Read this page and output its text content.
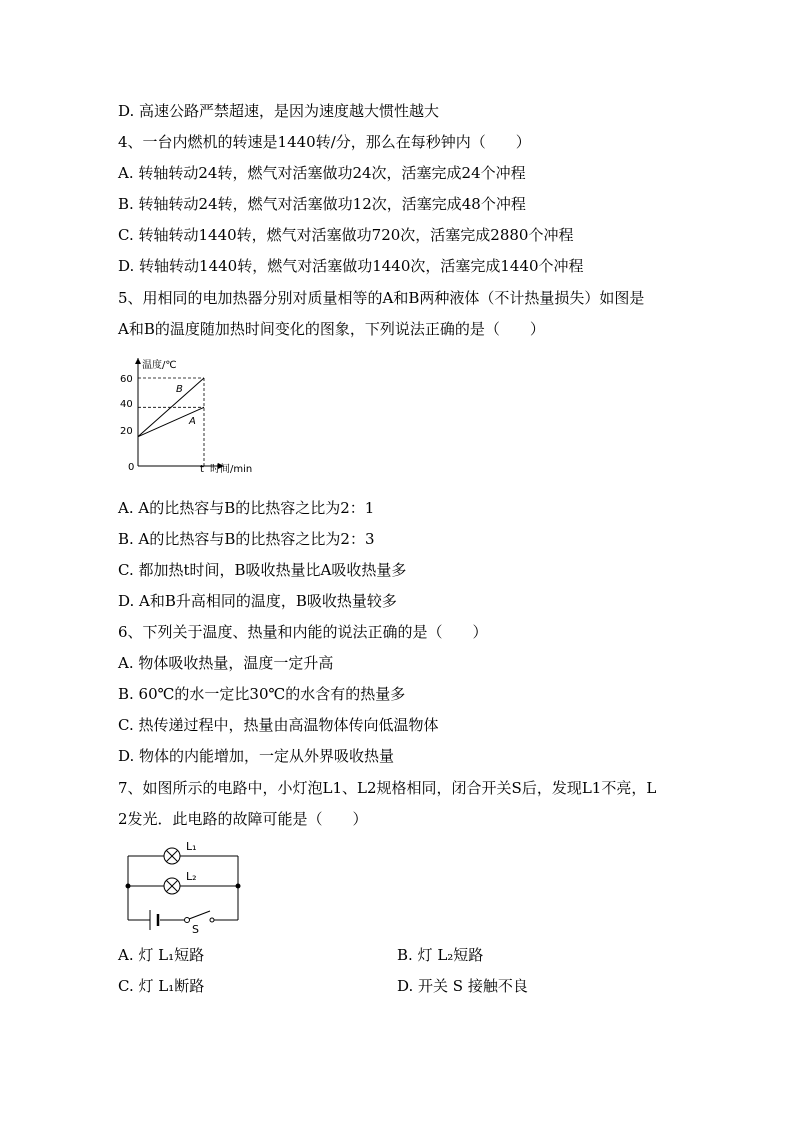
D. 高速公路严禁超速，是因为速度越大惯性越大
4、一台内燃机的转速是1440转/分，那么在每秒钟内（　　）
A. 转轴转动24转，燃气对活塞做功24次，活塞完成24个冲程
B. 转轴转动24转，燃气对活塞做功12次，活塞完成48个冲程
C. 转轴转动1440转，燃气对活塞做功720次，活塞完成2880个冲程
D. 转轴转动1440转，燃气对活塞做功1440次，活塞完成1440个冲程
5、用相同的电加热器分别对质量相等的A和B两种液体（不计热量损失）如图是
A和B的温度随加热时间变化的图象，下列说法正确的是（　　）
温度/℃
60
40
20
0	t 时间/min
B
A
A. A的比热容与B的比热容之比为2：1
B. A的比热容与B的比热容之比为2：3
C. 都加热t时间，B吸收热量比A吸收热量多
D. A和B升高相同的温度，B吸收热量较多
6、下列关于温度、热量和内能的说法正确的是（　　）
A. 物体吸收热量，温度一定升高
B. 60℃的水一定比30℃的水含有的热量多
C. 热传递过程中，热量由高温物体传向低温物体
D. 物体的内能增加，一定从外界吸收热量
7、如图所示的电路中，小灯泡L1、L2规格相同，闭合开关S后，发现L1不亮，L
2发光．此电路的故障可能是（　　）
L₁
L₂
S
A. 灯 L₁短路	B. 灯 L₂短路
C. 灯 L₁断路	D. 开关 S 接触不良
